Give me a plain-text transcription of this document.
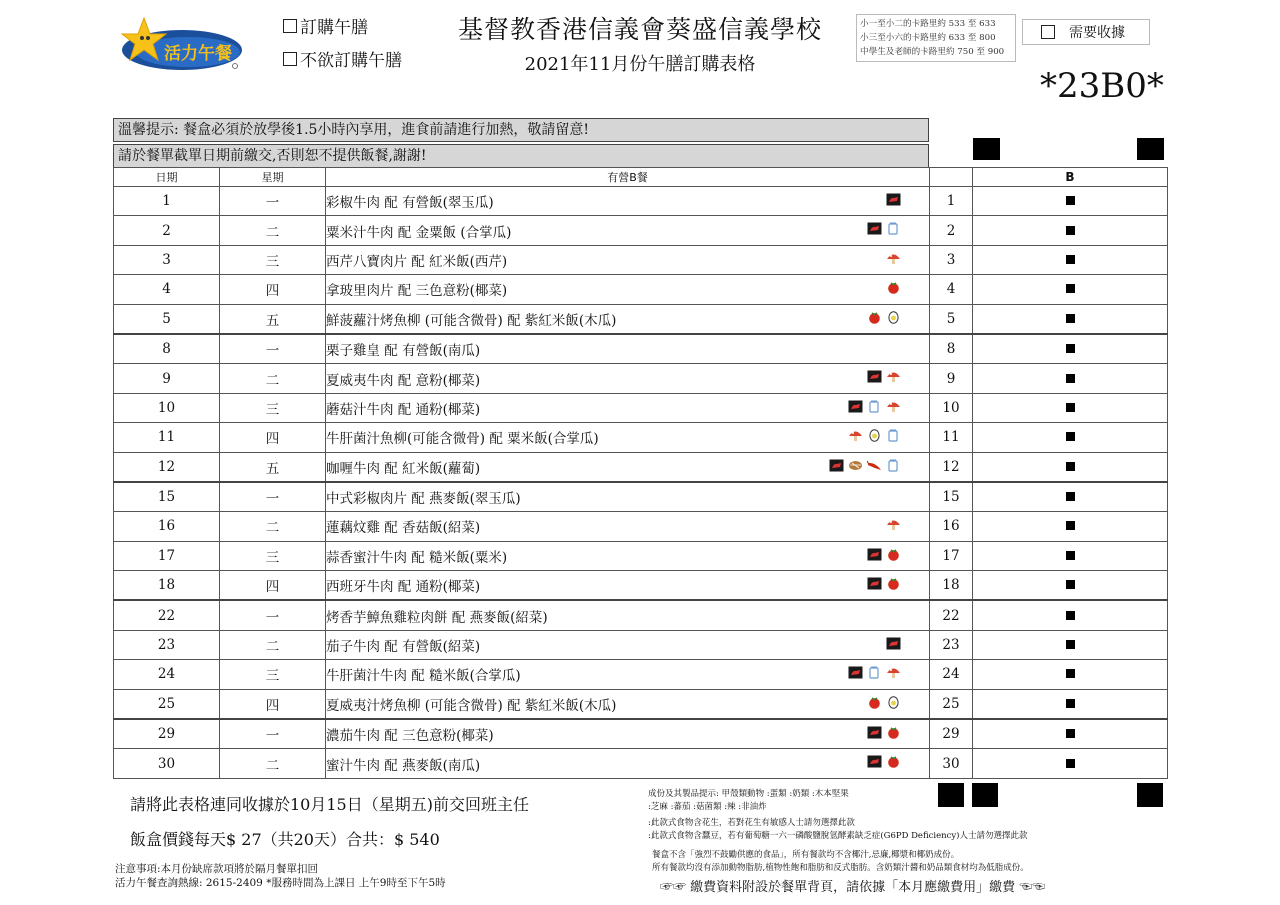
活力午餐
訂購午膳
不欲訂購午膳
基督教香港信義會葵盛信義學校
2021年11月份午膳訂購表格
小一至小二的卡路里約 533 至 633
小三至小六的卡路里約 633 至 800
中學生及老師的卡路里約 750 至 900
需要收據
*23B0*
溫馨提示: 餐盒必須於放學後1.5小時內享用，進食前請進行加熱，敬請留意!
請於餐單截單日期前繳交,否則恕不提供飯餐,謝謝!
日期	星期	有營B餐		B
1	一	彩椒牛肉 配 有營飯(翠玉瓜)	1	
2	二	粟米汁牛肉 配 金粟飯 (合掌瓜)	2	
3	三	西芹八寶肉片 配 紅米飯(西芹)	3	
4	四	拿玻里肉片 配 三色意粉(椰菜)	4	
5	五	鮮菠蘿汁烤魚柳 (可能含微骨) 配 紫紅米飯(木瓜)	5	
8	一	栗子雞皇 配 有營飯(南瓜)	8	
9	二	夏威夷牛肉 配 意粉(椰菜)	9	
10	三	蘑菇汁牛肉 配 通粉(椰菜)	10	
11	四	牛肝菌汁魚柳(可能含微骨) 配 粟米飯(合掌瓜)	11	
12	五	咖喱牛肉 配 紅米飯(蘿蔔)	12	
15	一	中式彩椒肉片 配 燕麥飯(翠玉瓜)	15	
16	二	蓮藕炆雞 配 香菇飯(紹菜)	16	
17	三	蒜香蜜汁牛肉 配 糙米飯(粟米)	17	
18	四	西班牙牛肉 配 通粉(椰菜)	18	
22	一	烤香芋鱆魚雞粒肉餅 配 燕麥飯(紹菜)	22	
23	二	茄子牛肉 配 有營飯(紹菜)	23	
24	三	牛肝菌汁牛肉 配 糙米飯(合掌瓜)	24	
25	四	夏威夷汁烤魚柳 (可能含微骨) 配 紫紅米飯(木瓜)	25	
29	一	濃茄牛肉 配 三色意粉(椰菜)	29	
30	二	蜜汁牛肉 配 燕麥飯(南瓜)	30	
請將此表格連同收據於10月15日（星期五)前交回班主任
飯盒價錢每天$ 27（共20天）合共：$ 540
注意事項:本月份缺席款項將於隔月餐單扣回
活力午餐查詢熱線: 2615-2409 *服務時間為上課日 上午9時至下午5時
成份及其製品提示: 甲殼類動物 :蛋類 :奶類 :木本堅果
:芝麻 :蕃茄 :菇菌類 :辣 :非油炸
:此款式食物含花生，若對花生有敏感人士請勿選擇此款
:此款式食物含蠶豆，若有葡萄糖一六一磷酸鹽脫氫酵素缺乏症(G6PD Deficiency)人士請勿選擇此款
餐盒不含「強烈不鼓勵供應的食品」，所有餐款均不含椰汁,忌廉,椰漿和椰奶成份。
所有餐款均沒有添加動物脂肪,植物性飽和脂肪和反式脂肪。含奶類汁醬和奶品類食材均為低脂成份。
☞☞ 繳費資料附設於餐單背頁，請依據「本月應繳費用」繳費 ☜☜
